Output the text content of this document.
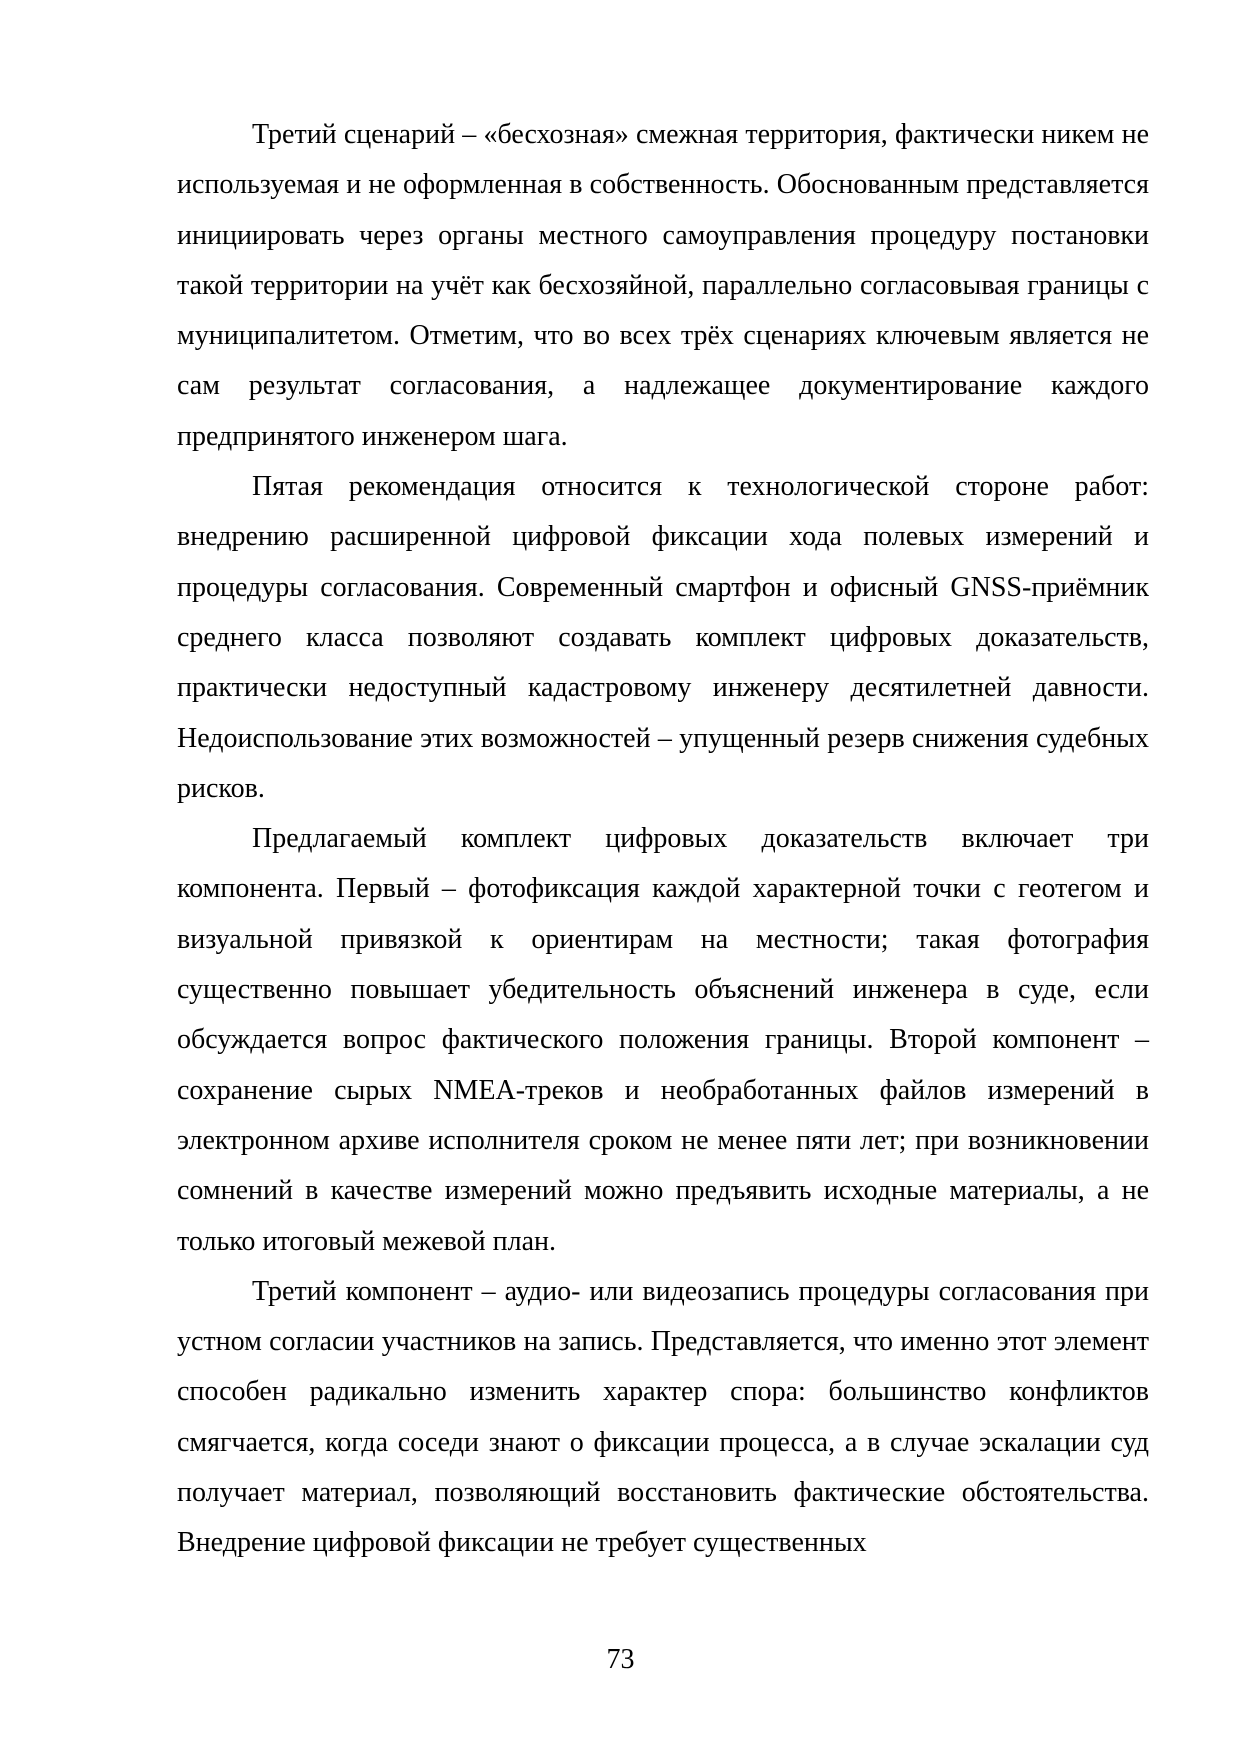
Третий сценарий – «бесхозная» смежная территория, фактически никем не используемая и не оформленная в собственность. Обоснованным представляется инициировать через органы местного самоуправления процедуру постановки такой территории на учёт как бесхозяйной, параллельно согласовывая границы с муниципалитетом. Отметим, что во всех трёх сценариях ключевым является не сам результат согласования, а надлежащее документирование каждого предпринятого инженером шага.

Пятая рекомендация относится к технологической стороне работ: внедрению расширенной цифровой фиксации хода полевых измерений и процедуры согласования. Современный смартфон и офисный GNSS-приёмник среднего класса позволяют создавать комплект цифровых доказательств, практически недоступный кадастровому инженеру десятилетней давности. Недоиспользование этих возможностей – упущенный резерв снижения судебных рисков.

Предлагаемый комплект цифровых доказательств включает три компонента. Первый – фотофиксация каждой характерной точки с геотегом и визуальной привязкой к ориентирам на местности; такая фотография существенно повышает убедительность объяснений инженера в суде, если обсуждается вопрос фактического положения границы. Второй компонент – сохранение сырых NMEA-треков и необработанных файлов измерений в электронном архиве исполнителя сроком не менее пяти лет; при возникновении сомнений в качестве измерений можно предъявить исходные материалы, а не только итоговый межевой план.

Третий компонент – аудио- или видеозапись процедуры согласования при устном согласии участников на запись. Представляется, что именно этот элемент способен радикально изменить характер спора: большинство конфликтов смягчается, когда соседи знают о фиксации процесса, а в случае эскалации суд получает материал, позволяющий восстановить фактические обстоятельства. Внедрение цифровой фиксации не требует существенных

73
